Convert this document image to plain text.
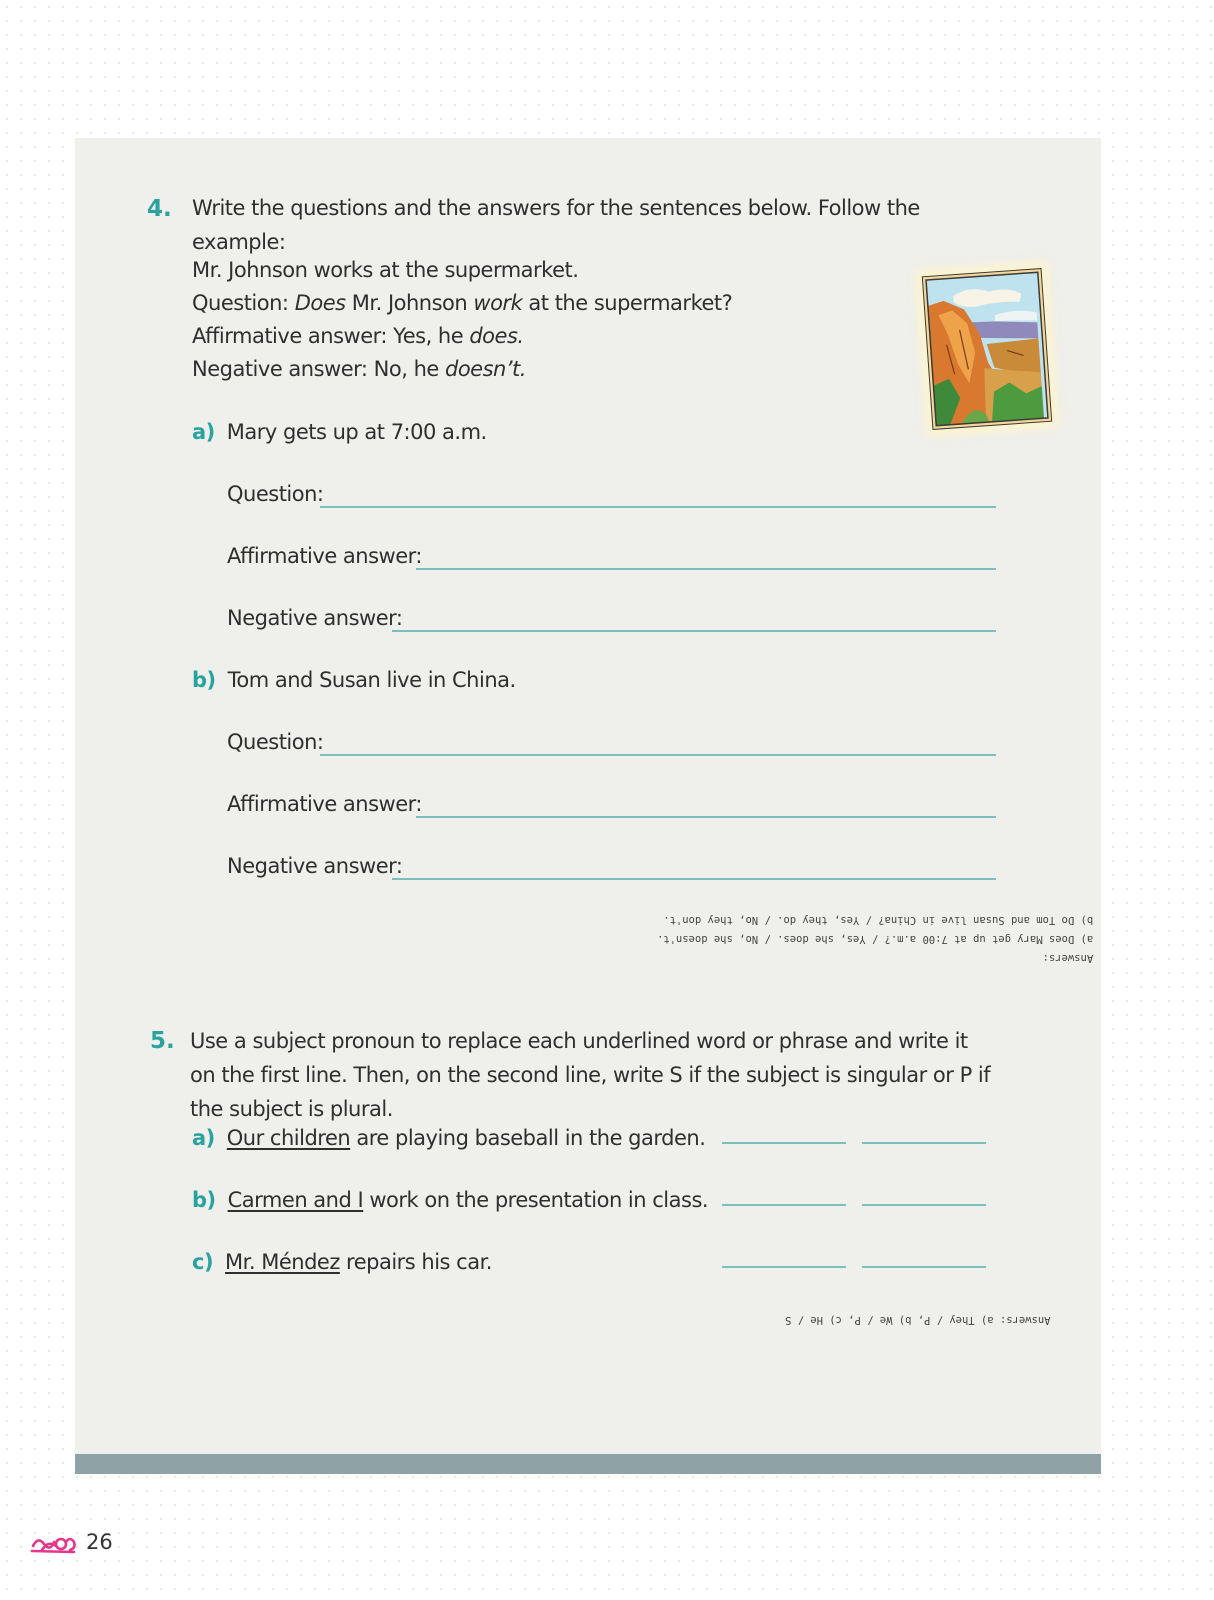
4. Write the questions and the answers for the sentences below. Follow the example:
Mr. Johnson works at the supermarket.
Question: Does Mr. Johnson work at the supermarket?
Affirmative answer: Yes, he does.
Negative answer: No, he doesn’t.
a) Mary gets up at 7:00 a.m.
Question:
Affirmative answer:
Negative answer:
b) Tom and Susan live in China.
Question:
Affirmative answer:
Negative answer:
Answers:
a) Does Mary get up at 7:00 a.m.? / Yes, she does. / No, she doesn't.
b) Do Tom and Susan live in China? / Yes, they do. / No, they don't.
5. Use a subject pronoun to replace each underlined word or phrase and write it on the first line. Then, on the second line, write S if the subject is singular or P if the subject is plural.
a) Our children are playing baseball in the garden.
b) Carmen and I work on the presentation in class.
c) Mr. Méndez repairs his car.
Answers: a) They / P, b) We / P, c) He / S
26
